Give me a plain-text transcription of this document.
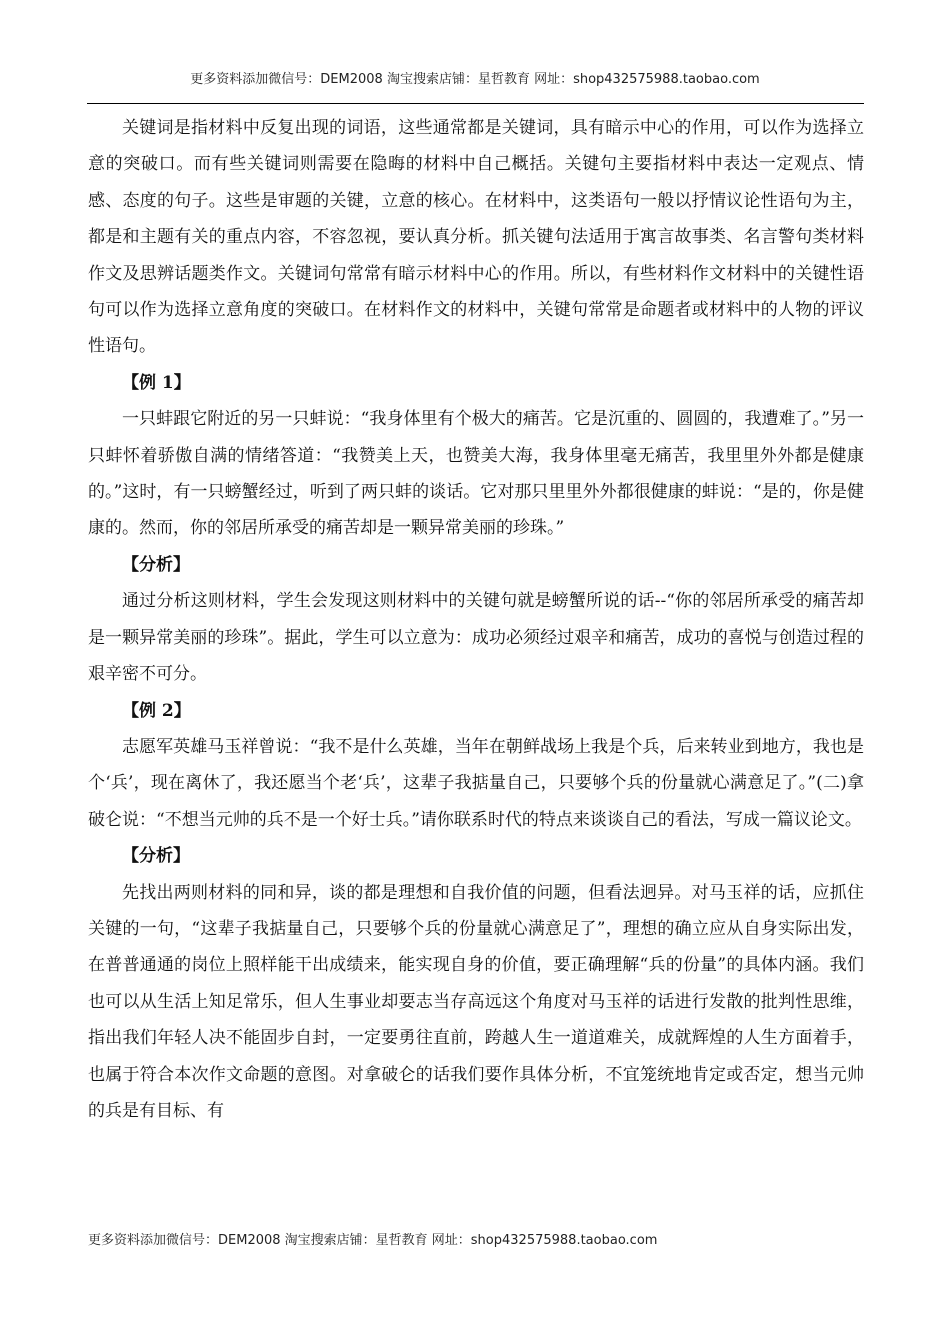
更多资料添加微信号：DEM2008 淘宝搜索店铺：星哲教育 网址：shop432575988.taobao.com

关键词是指材料中反复出现的词语，这些通常都是关键词，具有暗示中心的作用，可以作为选择立意的突破口。而有些关键词则需要在隐晦的材料中自己概括。关键句主要指材料中表达一定观点、情感、态度的句子。这些是审题的关键，立意的核心。在材料中，这类语句一般以抒情议论性语句为主，都是和主题有关的重点内容，不容忽视，要认真分析。抓关键句法适用于寓言故事类、名言警句类材料作文及思辨话题类作文。关键词句常常有暗示材料中心的作用。所以，有些材料作文材料中的关键性语句可以作为选择立意角度的突破口。在材料作文的材料中，关键句常常是命题者或材料中的人物的评议性语句。

【例 1】

一只蚌跟它附近的另一只蚌说：“我身体里有个极大的痛苦。它是沉重的、圆圆的，我遭难了。”另一只蚌怀着骄傲自满的情绪答道：“我赞美上天，也赞美大海，我身体里毫无痛苦，我里里外外都是健康的。”这时，有一只螃蟹经过，听到了两只蚌的谈话。它对那只里里外外都很健康的蚌说：“是的，你是健康的。然而，你的邻居所承受的痛苦却是一颗异常美丽的珍珠。”

【分析】

通过分析这则材料，学生会发现这则材料中的关键句就是螃蟹所说的话--“你的邻居所承受的痛苦却是一颗异常美丽的珍珠”。据此，学生可以立意为：成功必须经过艰辛和痛苦，成功的喜悦与创造过程的艰辛密不可分。

【例 2】

志愿军英雄马玉祥曾说：“我不是什么英雄，当年在朝鲜战场上我是个兵，后来转业到地方，我也是个‘兵’，现在离休了，我还愿当个老‘兵’，这辈子我掂量自己，只要够个兵的份量就心满意足了。”(二)拿破仑说：“不想当元帅的兵不是一个好士兵。”请你联系时代的特点来谈谈自己的看法，写成一篇议论文。

【分析】

先找出两则材料的同和异，谈的都是理想和自我价值的问题，但看法迥异。对马玉祥的话，应抓住关键的一句，“这辈子我掂量自己，只要够个兵的份量就心满意足了”，理想的确立应从自身实际出发，在普普通通的岗位上照样能干出成绩来，能实现自身的价值，要正确理解“兵的份量”的具体内涵。我们也可以从生活上知足常乐，但人生事业却要志当存高远这个角度对马玉祥的话进行发散的批判性思维，指出我们年轻人决不能固步自封，一定要勇往直前，跨越人生一道道难关，成就辉煌的人生方面着手，也属于符合本次作文命题的意图。对拿破仑的话我们要作具体分析，不宜笼统地肯定或否定，想当元帅的兵是有目标、有

更多资料添加微信号：DEM2008 淘宝搜索店铺：星哲教育 网址：shop432575988.taobao.com
